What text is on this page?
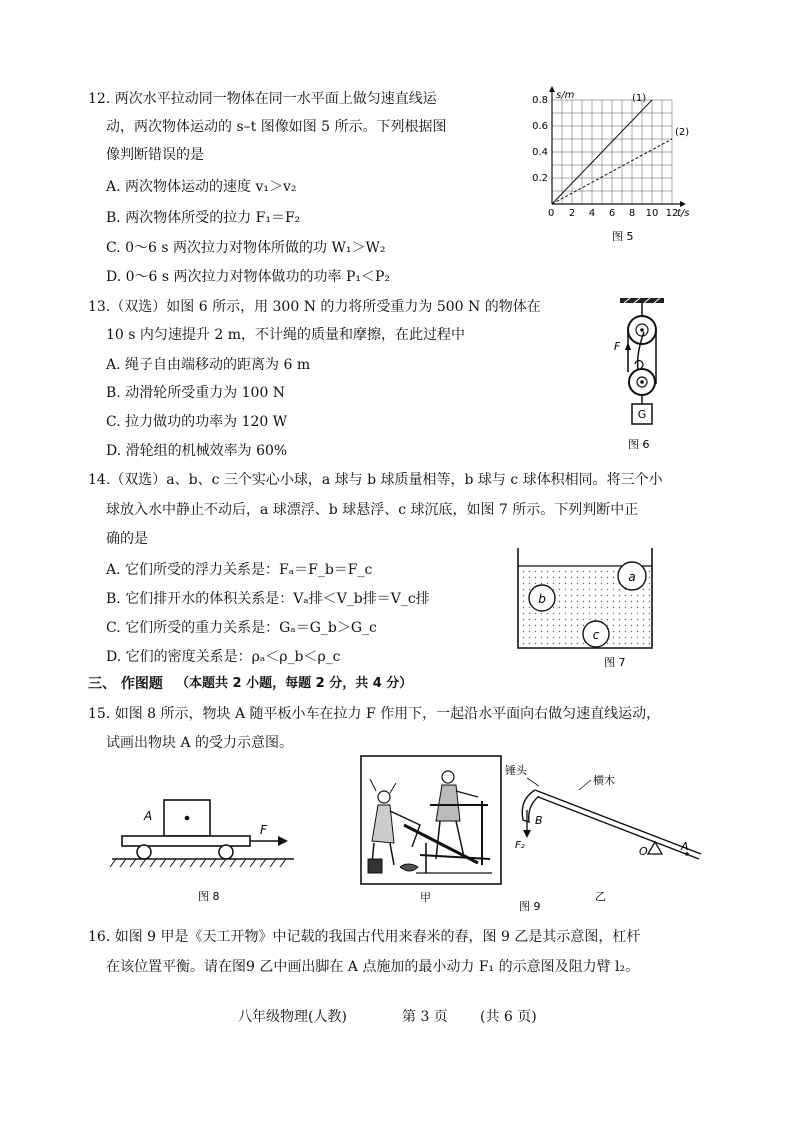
12. 两次水平拉动同一物体在同一水平面上做匀速直线运
动，两次物体运动的 s–t 图像如图 5 所示。下列根据图
像判断错误的是
A. 两次物体运动的速度 v₁＞v₂
B. 两次物体所受的拉力 F₁＝F₂
C. 0～6 s 两次拉力对物体所做的功 W₁＞W₂
D. 0～6 s 两次拉力对物体做功的功率 P₁＜P₂
2 4 6 8 10 12
0.2
0.4
0.6
0.8 s/m
t/s
0
(1)
(2)
图 5
13.（双选）如图 6 所示，用 300 N 的力将所受重力为 500 N 的物体在
10 s 内匀速提升 2 m，不计绳的质量和摩擦，在此过程中
A. 绳子自由端移动的距离为 6 m
B. 动滑轮所受重力为 100 N
C. 拉力做功的功率为 120 W
D. 滑轮组的机械效率为 60%
G
F
图 6
14.（双选）a、b、c 三个实心小球，a 球与 b 球质量相等，b 球与 c 球体积相同。将三个小
球放入水中静止不动后，a 球漂浮、b 球悬浮、c 球沉底，如图 7 所示。下列判断中正
确的是
A. 它们所受的浮力关系是：Fₐ＝F_b＝F_c
B. 它们排开水的体积关系是：Vₐ排＜V_b排＝V_c排
C. 它们所受的重力关系是：Gₐ＝G_b＞G_c
D. 它们的密度关系是：ρₐ＜ρ_b＜ρ_c
a
b
c
图 7
三、 作图题 （本题共 2 小题，每题 2 分，共 4 分）
15. 如图 8 所示，物块 A 随平板小车在拉力 F 作用下，一起沿水平面向右做匀速直线运动，
试画出物块 A 的受力示意图。
A
F
图 8	甲
锤头
横木
O	A
B
F₂
图 9
乙
16. 如图 9 甲是《天工开物》中记载的我国古代用来舂米的舂，图 9 乙是其示意图，杠杆
在该位置平衡。请在图9 乙中画出脚在 A 点施加的最小动力 F₁ 的示意图及阻力臂 l₂。
八年级物理(人教)	第 3 页 (共 6 页)
